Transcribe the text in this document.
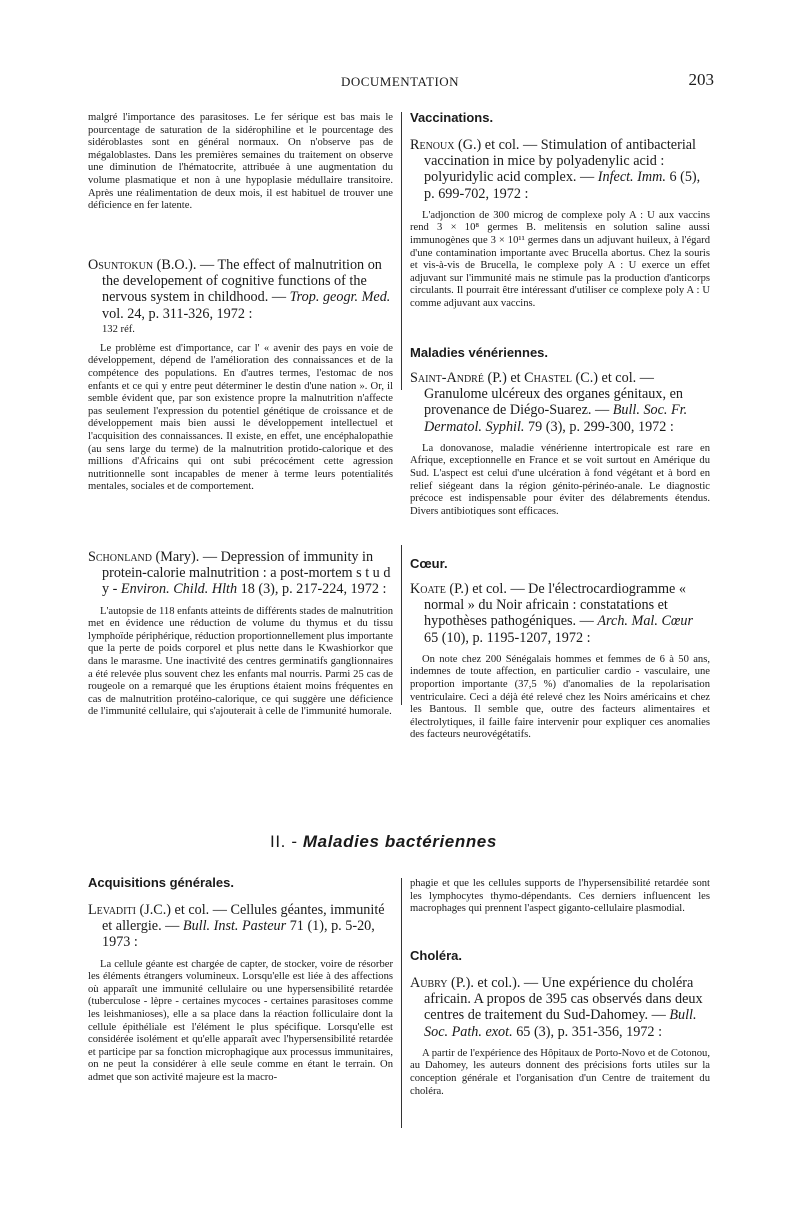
DOCUMENTATION	203

malgré l'importance des parasitoses. Le fer sérique est bas mais le pourcentage de saturation de la sidérophiline et le pourcentage des sidéroblastes sont en général normaux. On n'observe pas de mégaloblastes. Dans les premières semaines du traitement on observe une diminution de l'hématocrite, attribuée à une augmentation du volume plasmatique et non à une hypoplasie médullaire transitoire. Après une réalimentation de deux mois, il est habituel de trouver une déficience en fer latente.

Osuntokun (B.O.). — The effect of malnutrition on the developement of cognitive functions of the nervous system in childhood. — Trop. geogr. Med. vol. 24, p. 311-326, 1972 :

132 réf.

Le problème est d'importance, car l' « avenir des pays en voie de développement, dépend de l'amélioration des connaissances et de la compétence des populations. En d'autres termes, l'estomac de nos enfants et ce qui y entre peut déterminer le destin d'une nation ». Or, il semble évident que, par son existence propre la malnutrition n'affecte pas seulement l'expression du potentiel génétique de croissance et de développement mais bien aussi le développement intellectuel et l'acquisition des connaissances. Il existe, en effet, une encéphalopathie (au sens large du terme) de la malnutrition protido-calorique et des millions d'Africains qui ont subi précocément cette agression nutritionnelle sont incapables de mener à terme leurs potentialités mentales, sociales et de comportement.

Schonland (Mary). — Depression of immunity in protein-calorie malnutrition : a post-mortem s t u d y - Environ. Child. Hlth 18 (3), p. 217-224, 1972 :

L'autopsie de 118 enfants atteints de différents stades de malnutrition met en évidence une réduction de volume du thymus et du tissu lymphoïde périphérique, réduction proportionnellement plus importante que la perte de poids corporel et plus nette dans le Kwashiorkor que dans le marasme. Une inactivité des centres germinatifs ganglionnaires a été relevée plus souvent chez les enfants mal nourris. Parmi 25 cas de rougeole on a remarqué que les éruptions étaient moins fréquentes en cas de malnutrition protéino-calorique, ce qui suggère une déficience de l'immunité cellulaire, qui s'ajouterait à celle de l'immunité humorale.

Vaccinations.

Renoux (G.) et col. — Stimulation of antibacterial vaccination in mice by polyadenylic acid : polyuridylic acid complex. — Infect. Imm. 6 (5), p. 699-702, 1972 :

L'adjonction de 300 microg de complexe poly A : U aux vaccins rend 3 × 10⁸ germes B. melitensis en solution saline aussi immunogènes que 3 × 10¹¹ germes dans un adjuvant huileux, à l'égard d'une contamination importante avec Brucella abortus. Chez la souris et vis-à-vis de Brucella, le complexe poly A : U exerce un effet adjuvant sur l'immunité mais ne stimule pas la production d'anticorps circulants. Il pourrait être intéressant d'utiliser ce complexe poly A : U comme adjuvant aux vaccins.

Maladies vénériennes.

Saint-André (P.) et Chastel (C.) et col. — Granulome ulcéreux des organes génitaux, en provenance de Diégo-Suarez. — Bull. Soc. Fr. Dermatol. Syphil. 79 (3), p. 299-300, 1972 :

La donovanose, maladie vénérienne intertropicale est rare en Afrique, exceptionnelle en France et se voit surtout en Amérique du Sud. L'aspect est celui d'une ulcération à fond végétant et à bord en relief siégeant dans la région génito-périnéo-anale. Le diagnostic précoce est indispensable pour éviter des délabrements étendus. Divers antibiotiques sont efficaces.

Cœur.

Koate (P.) et col. — De l'électrocardiogramme « normal » du Noir africain : constatations et hypothèses pathogéniques. — Arch. Mal. Cœur 65 (10), p. 1195-1207, 1972 :

On note chez 200 Sénégalais hommes et femmes de 6 à 50 ans, indemnes de toute affection, en particulier cardio - vasculaire, une proportion importante (37,5 %) d'anomalies de la repolarisation ventriculaire. Ceci a déjà été relevé chez les Noirs américains et chez les Bantous. Il semble que, outre des facteurs alimentaires et électrolytiques, il faille faire intervenir pour expliquer ces anomalies des facteurs neurovégétatifs.

II. - Maladies bactériennes
Acquisitions générales.

Levaditi (J.C.) et col. — Cellules géantes, immunité et allergie. — Bull. Inst. Pasteur 71 (1), p. 5-20, 1973 :

La cellule géante est chargée de capter, de stocker, voire de résorber les éléments étrangers volumineux. Lorsqu'elle est liée à des affections où apparaît une immunité cellulaire ou une hypersensibilité retardée (tuberculose - lèpre - certaines mycoces - certaines parasitoses comme les leishmanioses), elle a sa place dans la réaction folliculaire dont la cellule épithéliale est l'élément le plus spécifique. Lorsqu'elle est considérée isolément et qu'elle apparaît avec l'hypersensibilité retardée et participe par sa fonction microphagique aux processus immunitaires, on ne peut la considérer à elle seule comme en étant le terrain. On admet que son activité majeure est la macro-

phagie et que les cellules supports de l'hypersensibilité retardée sont les lymphocytes thymo-dépendants. Ces derniers influencent les macrophages qui prennent l'aspect giganto-cellulaire plasmodial.

Choléra.

Aubry (P.). et col.). — Une expérience du choléra africain. A propos de 395 cas observés dans deux centres de traitement du Sud-Dahomey. — Bull. Soc. Path. exot. 65 (3), p. 351-356, 1972 :

A partir de l'expérience des Hôpitaux de Porto-Novo et de Cotonou, au Dahomey, les auteurs donnent des précisions forts utiles sur la conception générale et l'organisation d'un Centre de traitement du choléra.
